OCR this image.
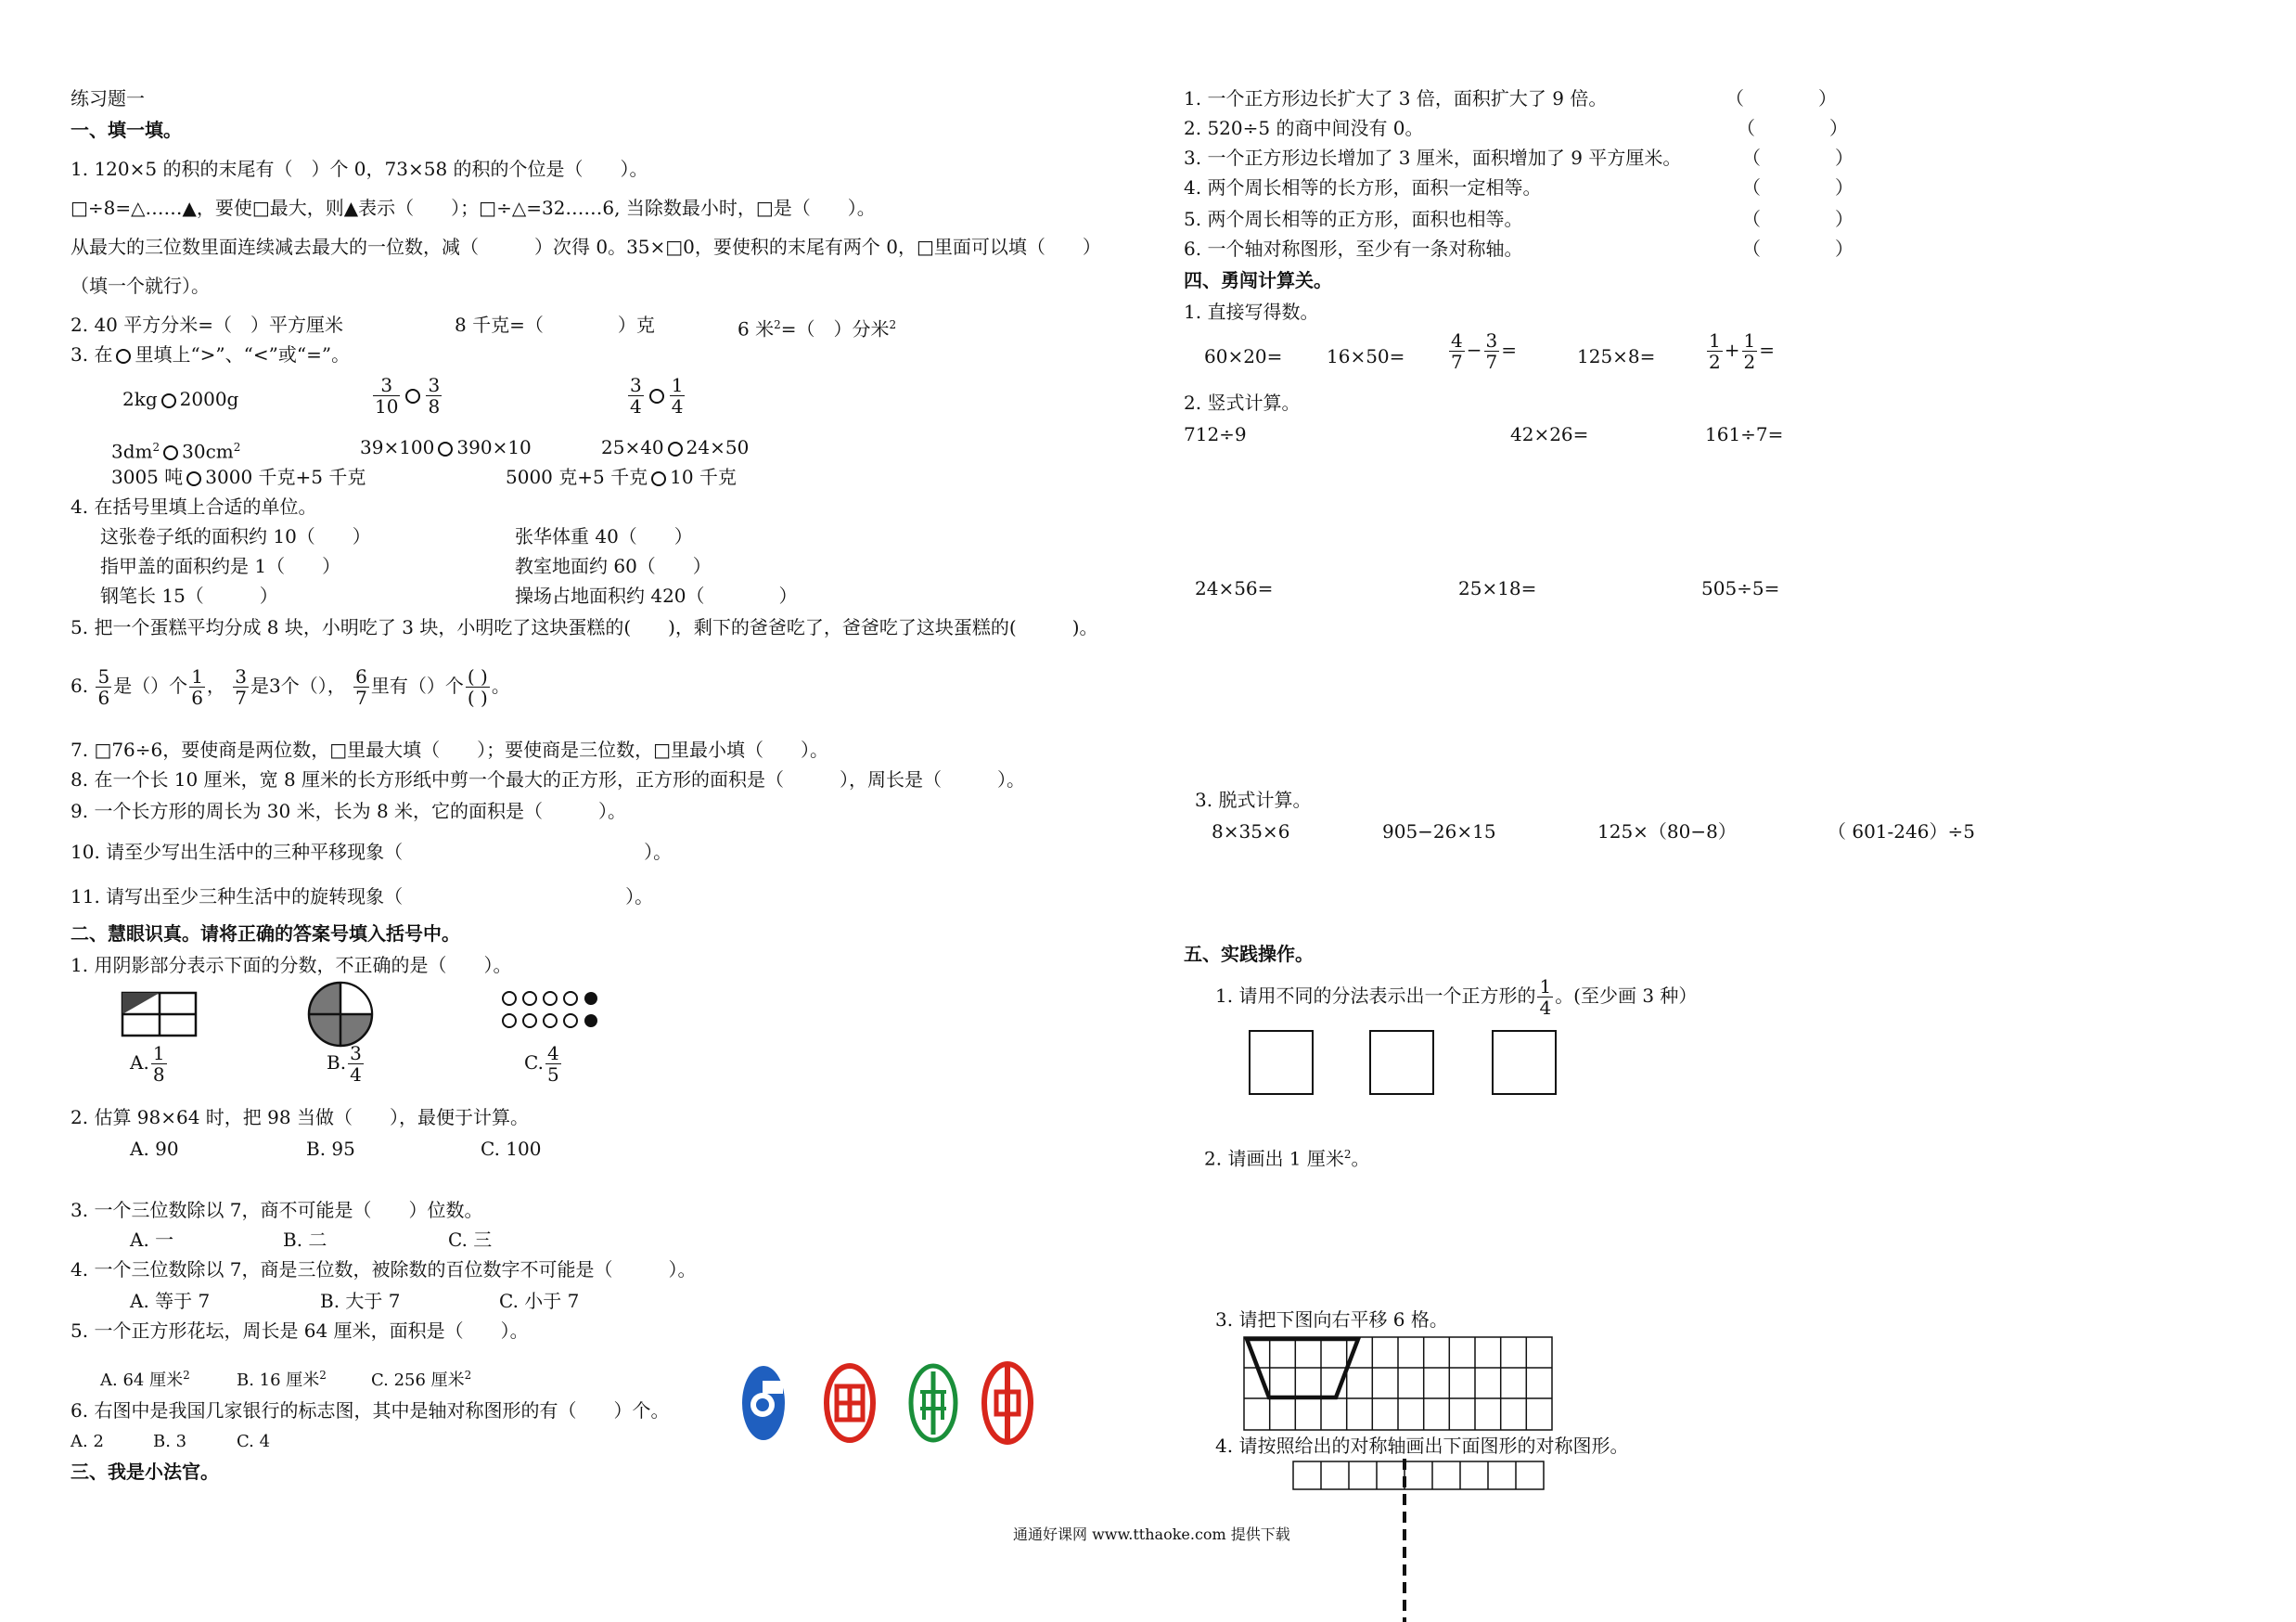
练习题一
一、填一填。
1. 120×5 的积的末尾有（　）个 0，73×58 的积的个位是（　　）。
□÷8=△……▲，要使□最大，则▲表示（　　）；□÷△=32……6, 当除数最小时，□是（　　）。
从最大的三位数里面连续减去最大的一位数，减（　　　）次得 0。35×□0，要使积的末尾有两个 0，□里面可以填（　　）
（填一个就行）。
2. 40 平方分米=（　）平方厘米	8 千克=（　　　　）克	6 米$^2$=（　）分米$^2$
3. 在 里填上“>”、“<”或“=”。
2kg 2000g	$\frac{3}{10} \frac{3}{8}$	$\frac{3}{4} \frac{1}{4}$
$3dm^2$ $30cm^2$	39×100 390×10	25×40 24×50
3005 吨 3000 千克+5 千克	5000 克+5 千克 10 千克
4. 在括号里填上合适的单位。
这张卷子纸的面积约 10（　　）	张华体重 40（　　）
指甲盖的面积约是 1（　　）	教室地面约 60（　　）
钢笔长 15（　　　）	操场占地面积约 420（　　　　）
5. 把一个蛋糕平均分成 8 块，小明吃了 3 块，小明吃了这块蛋糕的(　　)，剩下的爸爸吃了，爸爸吃了这块蛋糕的(　　　)。
6. $\frac{5}{6}$ 是（）个 $\frac{1}{6}$ ， $\frac{3}{7}$ 是3个（）， $\frac{6}{7}$ 里有（）个 $\frac{( )}{( )}$ 。
7. □76÷6，要使商是两位数，□里最大填（　　）；要使商是三位数，□里最小填（　　）。
8. 在一个长 10 厘米，宽 8 厘米的长方形纸中剪一个最大的正方形，正方形的面积是（　　　），周长是（　　　）。
9. 一个长方形的周长为 30 米，长为 8 米，它的面积是（　　　）。
10. 请至少写出生活中的三种平移现象（　　　　　　　　　　　　　）。
11. 请写出至少三种生活中的旋转现象（　　　　　　　　　　　　）。
二、慧眼识真。请将正确的答案号填入括号中。
1. 用阴影部分表示下面的分数，不正确的是（　　）。
A. $\frac{1}{8}$	B. $\frac{3}{4}$	C. $\frac{4}{5}$
2. 估算 98×64 时，把 98 当做（　　），最便于计算。
A. 90	B. 95	C. 100
3. 一个三位数除以 7，商不可能是（　　）位数。
A. 一	B. 二	C. 三
4. 一个三位数除以 7，商是三位数，被除数的百位数字不可能是（　　　）。
A. 等于 7	B. 大于 7	C. 小于 7
5. 一个正方形花坛，周长是 64 厘米，面积是（　　）。
A. 64 厘米$^2$	B. 16 厘米$^2$	C. 256 厘米$^2$
6. 右图中是我国几家银行的标志图，其中是轴对称图形的有（　　）个。
A. 2	B. 3	C. 4
三、我是小法官。
1. 一个正方形边长扩大了 3 倍，面积扩大了 9 倍。	（　　　　）
2. 520÷5 的商中间没有 0。	（　　　　）
3. 一个正方形边长增加了 3 厘米，面积增加了 9 平方厘米。	（　　　　）
4. 两个周长相等的长方形，面积一定相等。	（　　　　）
5. 两个周长相等的正方形，面积也相等。	（　　　　）
6. 一个轴对称图形，至少有一条对称轴。	（　　　　）
四、勇闯计算关。
1. 直接写得数。
$60\times 20= 16\times 50= \frac{4}{7} - \frac{3}{7}$ =	125×8=	$\frac{1}{2} + \frac{1}{2}$ =
2. 竖式计算。
712÷9	42×26=	161÷7=
24×56=	25×18=	505÷5=
3. 脱式计算。
8×35×6	905−26×15	125×（80−8）	（ 601-246）÷5
五、实践操作。
1. 请用不同的分法表示出一个正方形的 $\frac{1}{4}$ 。(至少画 3 种）
2. 请画出 1 厘米$^2$。
3. 请把下图向右平移 6 格。
4. 请按照给出的对称轴画出下面图形的对称图形。
通通好课网 www.tthaoke.com 提供下载
